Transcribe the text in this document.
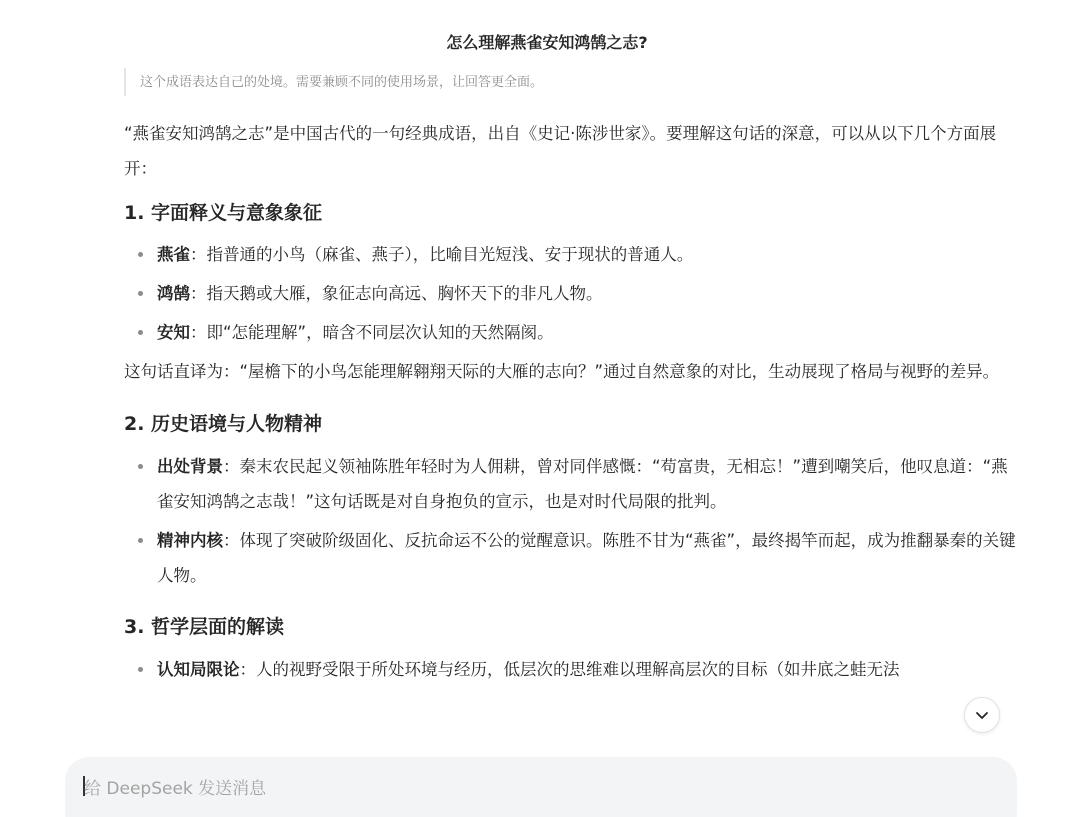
怎么理解燕雀安知鸿鹄之志?
这个成语表达自己的处境。需要兼顾不同的使用场景，让回答更全面。

“燕雀安知鸿鹄之志”是中国古代的一句经典成语，出自《史记·陈涉世家》。要理解这句话的深意，可以从以下几个方面展开：

1. 字面释义与意象象征
燕雀：指普通的小鸟（麻雀、燕子），比喻目光短浅、安于现状的普通人。
鸿鹄：指天鹅或大雁，象征志向高远、胸怀天下的非凡人物。
安知：即“怎能理解”，暗含不同层次认知的天然隔阂。

这句话直译为：“屋檐下的小鸟怎能理解翱翔天际的大雁的志向？”通过自然意象的对比，生动展现了格局与视野的差异。

2. 历史语境与人物精神
出处背景：秦末农民起义领袖陈胜年轻时为人佣耕，曾对同伴感慨：“苟富贵，无相忘！”遭到嘲笑后，他叹息道：“燕雀安知鸿鹄之志哉！”这句话既是对自身抱负的宣示，也是对时代局限的批判。
精神内核：体现了突破阶级固化、反抗命运不公的觉醒意识。陈胜不甘为“燕雀”，最终揭竿而起，成为推翻暴秦的关键人物。
3. 哲学层面的解读
认知局限论：人的视野受限于所处环境与经历，低层次的思维难以理解高层次的目标（如井底之蛙无法
给 DeepSeek 发送消息
